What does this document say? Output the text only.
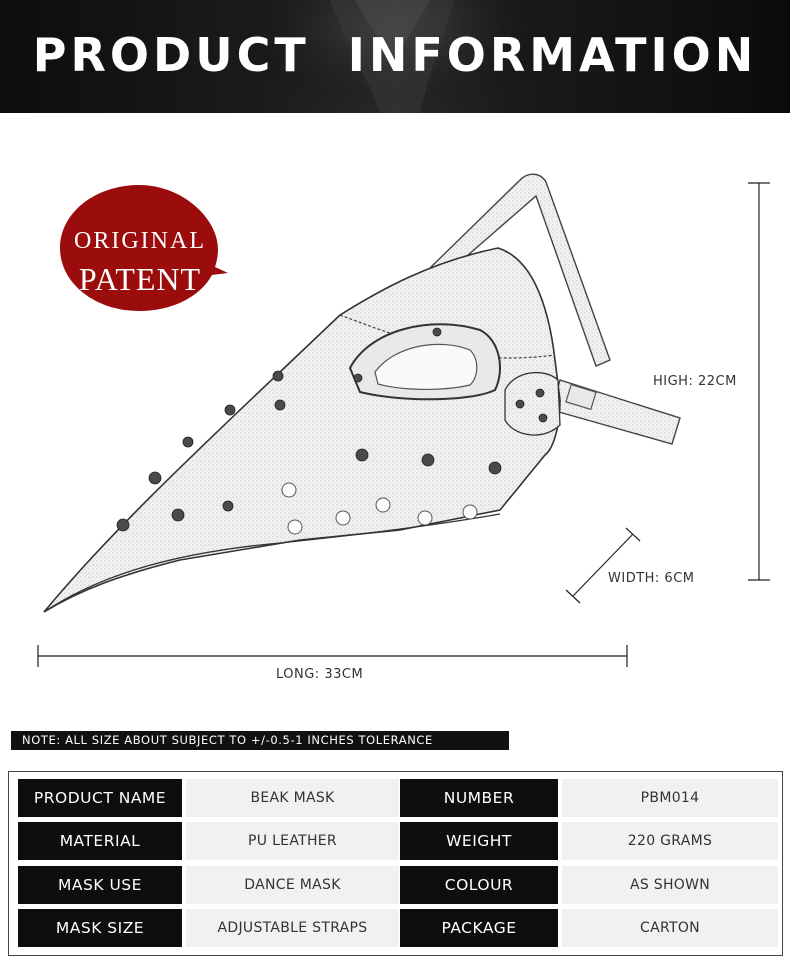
PRODUCT INFORMATION
ORIGINAL
PATENT
HIGH: 22CM
WIDTH: 6CM
LONG: 33CM
NOTE: ALL SIZE ABOUT SUBJECT TO +/-0.5-1 INCHES TOLERANCE
PRODUCT NAME	BEAK MASK	NUMBER	PBM014
MATERIAL	PU LEATHER	WEIGHT	220 GRAMS
MASK USE	DANCE MASK	COLOUR	AS SHOWN
MASK SIZE	ADJUSTABLE STRAPS	PACKAGE	CARTON
